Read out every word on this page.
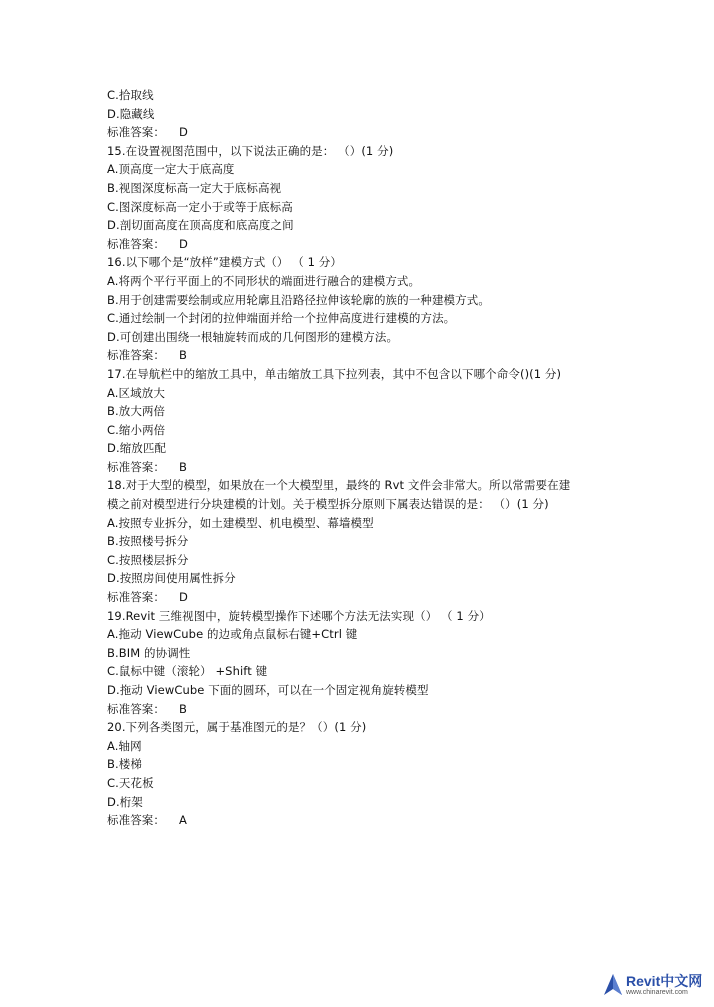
C.拾取线
D.隐藏线
标准答案： D
15.在设置视图范围中，以下说法正确的是： （）(1 分)
A.顶高度一定大于底高度
B.视图深度标高一定大于底标高视
C.图深度标高一定小于或等于底标高
D.剖切面高度在顶高度和底高度之间
标准答案： D
16.以下哪个是“放样”建模方式（） （ 1 分）
A.将两个平行平面上的不同形状的端面进行融合的建模方式。
B.用于创建需要绘制或应用轮廓且沿路径拉伸该轮廓的族的一种建模方式。
C.通过绘制一个封闭的拉伸端面并给一个拉伸高度进行建模的方法。
D.可创建出围绕一根轴旋转而成的几何图形的建模方法。
标准答案： B
17.在导航栏中的缩放工具中，单击缩放工具下拉列表，其中不包含以下哪个命令()(1 分)
A.区域放大
B.放大两倍
C.缩小两倍
D.缩放匹配
标准答案： B
18.对于大型的模型，如果放在一个大模型里，最终的 Rvt 文件会非常大。所以常需要在建
模之前对模型进行分块建模的计划。关于模型拆分原则下属表达错误的是： （）(1 分)
A.按照专业拆分，如土建模型、机电模型、幕墙模型
B.按照楼号拆分
C.按照楼层拆分
D.按照房间使用属性拆分
标准答案： D
19.Revit 三维视图中，旋转模型操作下述哪个方法无法实现（） （ 1 分）
A.拖动 ViewCube 的边或角点鼠标右键+Ctrl 键
B.BIM 的协调性
C.鼠标中键（滚轮） +Shift 键
D.拖动 ViewCube 下面的圆环，可以在一个固定视角旋转模型
标准答案： B
20.下列各类图元，属于基准图元的是？（）(1 分)
A.轴网
B.楼梯
C.天花板
D.桁架
标准答案： A
Revit中文网
www.chinarevit.com
